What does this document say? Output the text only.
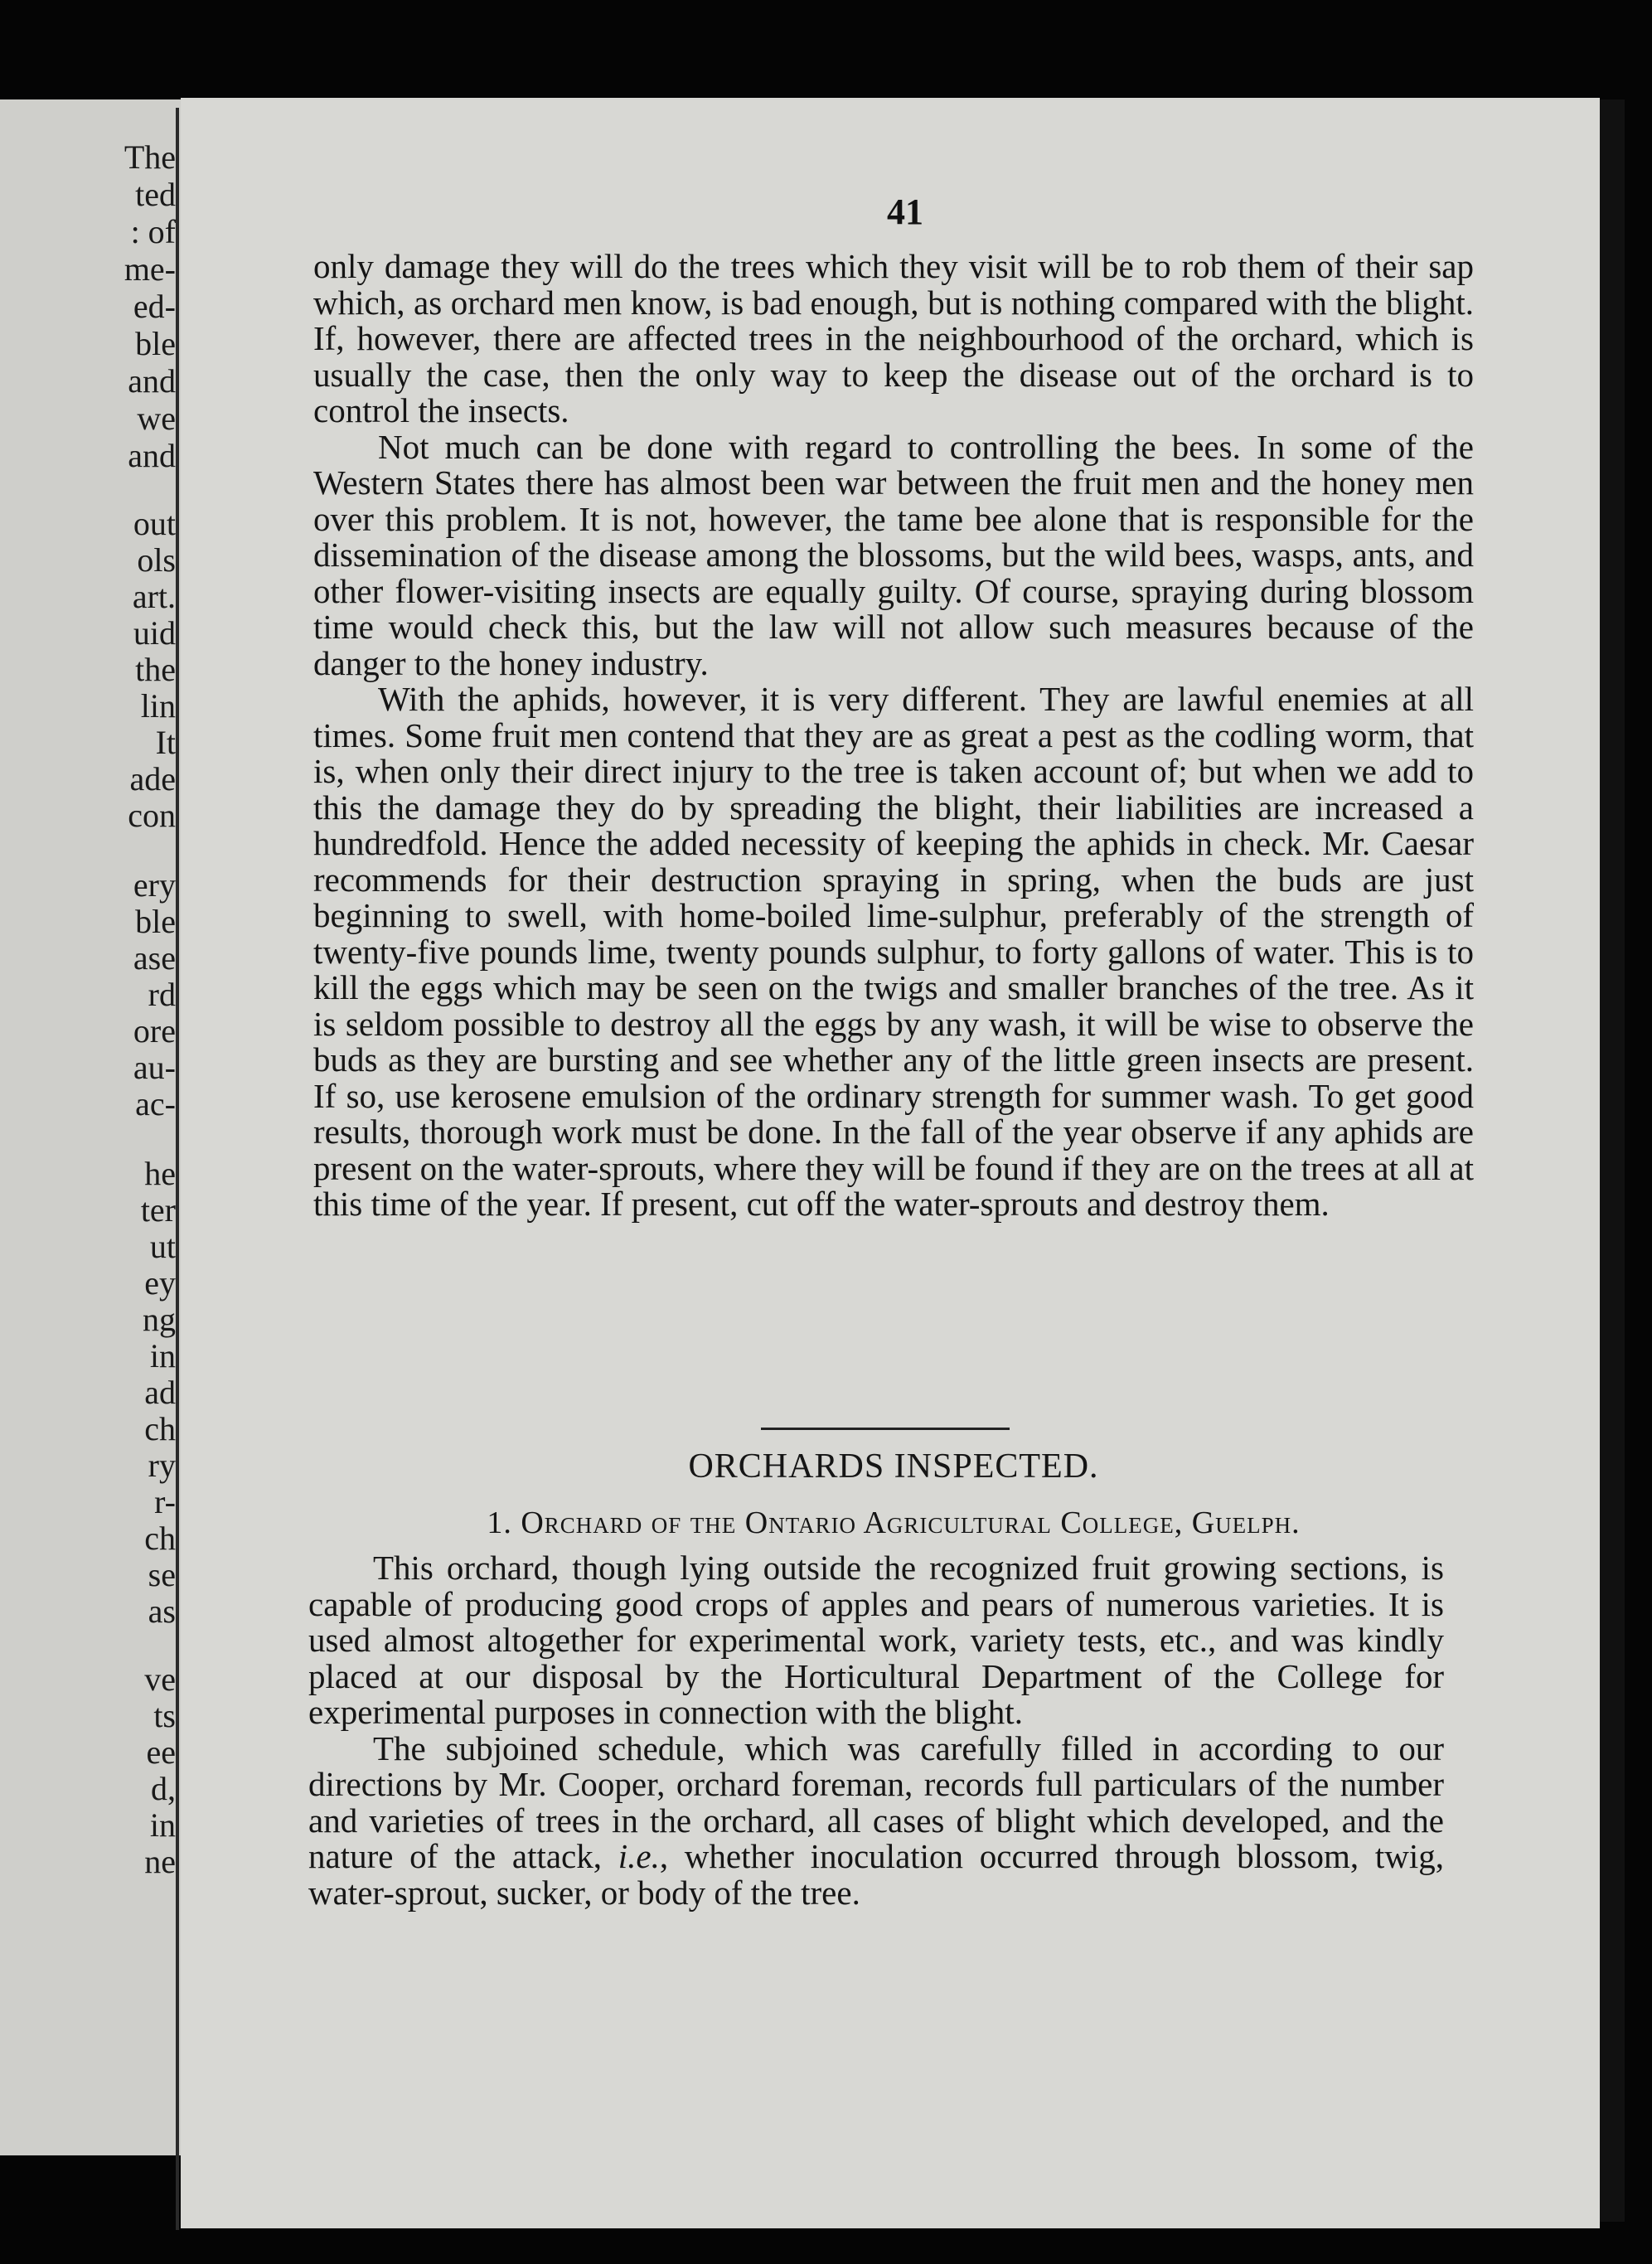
The
ted
: of
me-
ed-
ble
and
we
and
out
ols
art.
uid
the
lin
It
ade
con
ery
ble
ase
rd
ore
au-
ac-
he
ter
ut
ey
ng
in
ad
ch
ry
r-
ch
se
as
ve
ts
ee
d,
in
ne
41

only damage they will do the trees which they visit will be to rob them of their sap which, as orchard men know, is bad enough, but is nothing compared with the blight. If, however, there are affected trees in the neighbourhood of the orchard, which is usually the case, then the only way to keep the disease out of the orchard is to control the insects.

Not much can be done with regard to controlling the bees. In some of the Western States there has almost been war between the fruit men and the honey men over this problem. It is not, however, the tame bee alone that is responsible for the dissemination of the disease among the blossoms, but the wild bees, wasps, ants, and other flower-visiting insects are equally guilty. Of course, spraying during blossom time would check this, but the law will not allow such measures because of the danger to the honey industry.

With the aphids, however, it is very different. They are lawful enemies at all times. Some fruit men contend that they are as great a pest as the codling worm, that is, when only their direct injury to the tree is taken account of; but when we add to this the damage they do by spreading the blight, their liabilities are increased a hundredfold. Hence the added necessity of keeping the aphids in check. Mr. Caesar recommends for their destruction spraying in spring, when the buds are just beginning to swell, with home-boiled lime-sulphur, preferably of the strength of twenty-five pounds lime, twenty pounds sulphur, to forty gallons of water. This is to kill the eggs which may be seen on the twigs and smaller branches of the tree. As it is seldom possible to destroy all the eggs by any wash, it will be wise to observe the buds as they are bursting and see whether any of the little green insects are present. If so, use kerosene emulsion of the ordinary strength for summer wash. To get good results, thorough work must be done. In the fall of the year observe if any aphids are present on the water-sprouts, where they will be found if they are on the trees at all at this time of the year. If present, cut off the water-sprouts and destroy them.

ORCHARDS INSPECTED.
1. Orchard of the Ontario Agricultural College, Guelph.

This orchard, though lying outside the recognized fruit growing sections, is capable of producing good crops of apples and pears of numerous varieties. It is used almost altogether for experimental work, variety tests, etc., and was kindly placed at our disposal by the Horticultural Department of the College for experimental purposes in connection with the blight.

The subjoined schedule, which was carefully filled in according to our directions by Mr. Cooper, orchard foreman, records full particulars of the number and varieties of trees in the orchard, all cases of blight which developed, and the nature of the attack, i.e., whether inoculation occurred through blossom, twig, water-sprout, sucker, or body of the tree.
